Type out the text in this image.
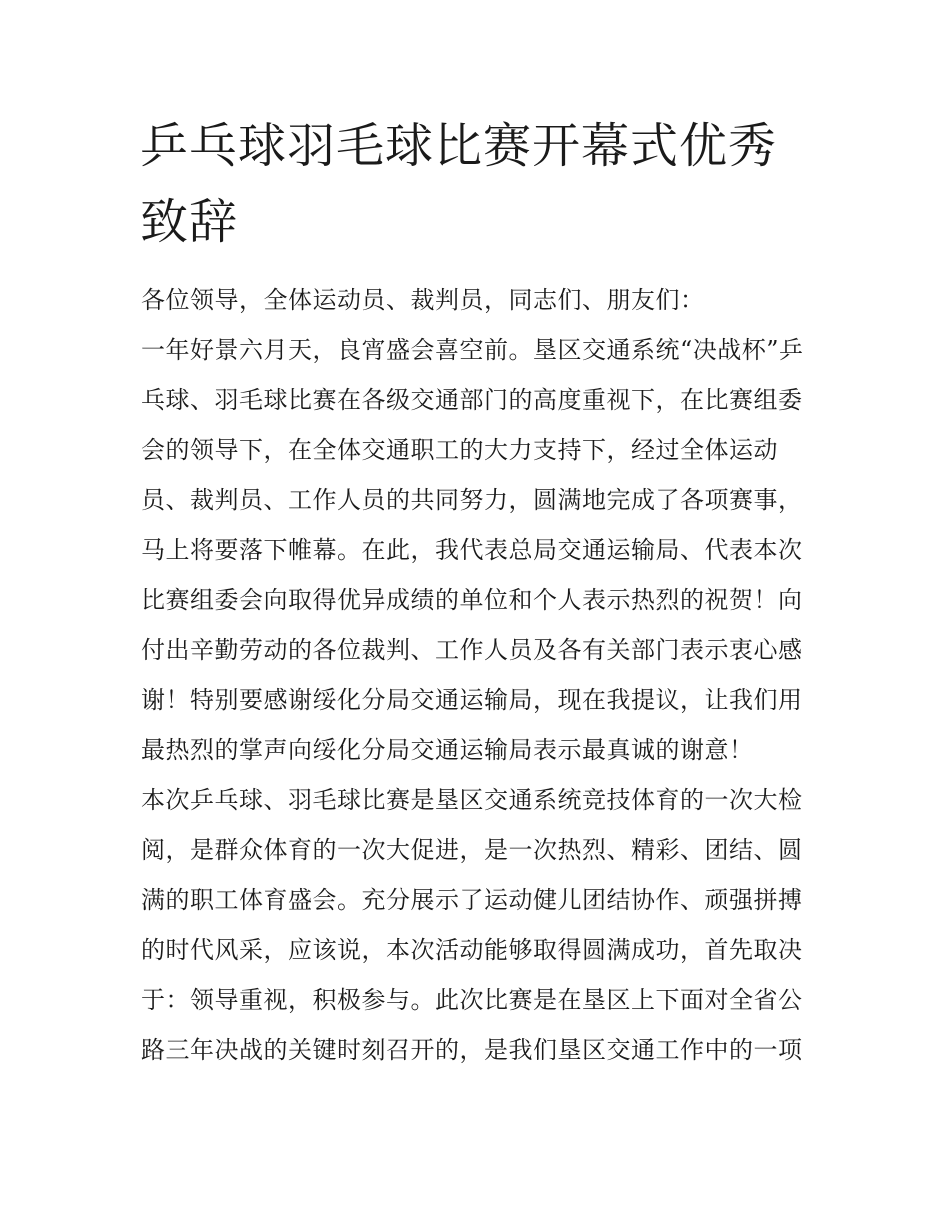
乒乓球羽毛球比赛开幕式优秀
致辞
各位领导，全体运动员、裁判员，同志们、朋友们：
一年好景六月天，良宵盛会喜空前。垦区交通系统“决战杯”乒
乓球、羽毛球比赛在各级交通部门的高度重视下，在比赛组委
会的领导下，在全体交通职工的大力支持下，经过全体运动
员、裁判员、工作人员的共同努力，圆满地完成了各项赛事，
马上将要落下帷幕。在此，我代表总局交通运输局、代表本次
比赛组委会向取得优异成绩的单位和个人表示热烈的祝贺！向
付出辛勤劳动的各位裁判、工作人员及各有关部门表示衷心感
谢！特别要感谢绥化分局交通运输局，现在我提议，让我们用
最热烈的掌声向绥化分局交通运输局表示最真诚的谢意！
本次乒乓球、羽毛球比赛是垦区交通系统竞技体育的一次大检
阅，是群众体育的一次大促进，是一次热烈、精彩、团结、圆
满的职工体育盛会。充分展示了运动健儿团结协作、顽强拼搏
的时代风采，应该说，本次活动能够取得圆满成功，首先取决
于：领导重视，积极参与。此次比赛是在垦区上下面对全省公
路三年决战的关键时刻召开的，是我们垦区交通工作中的一项
